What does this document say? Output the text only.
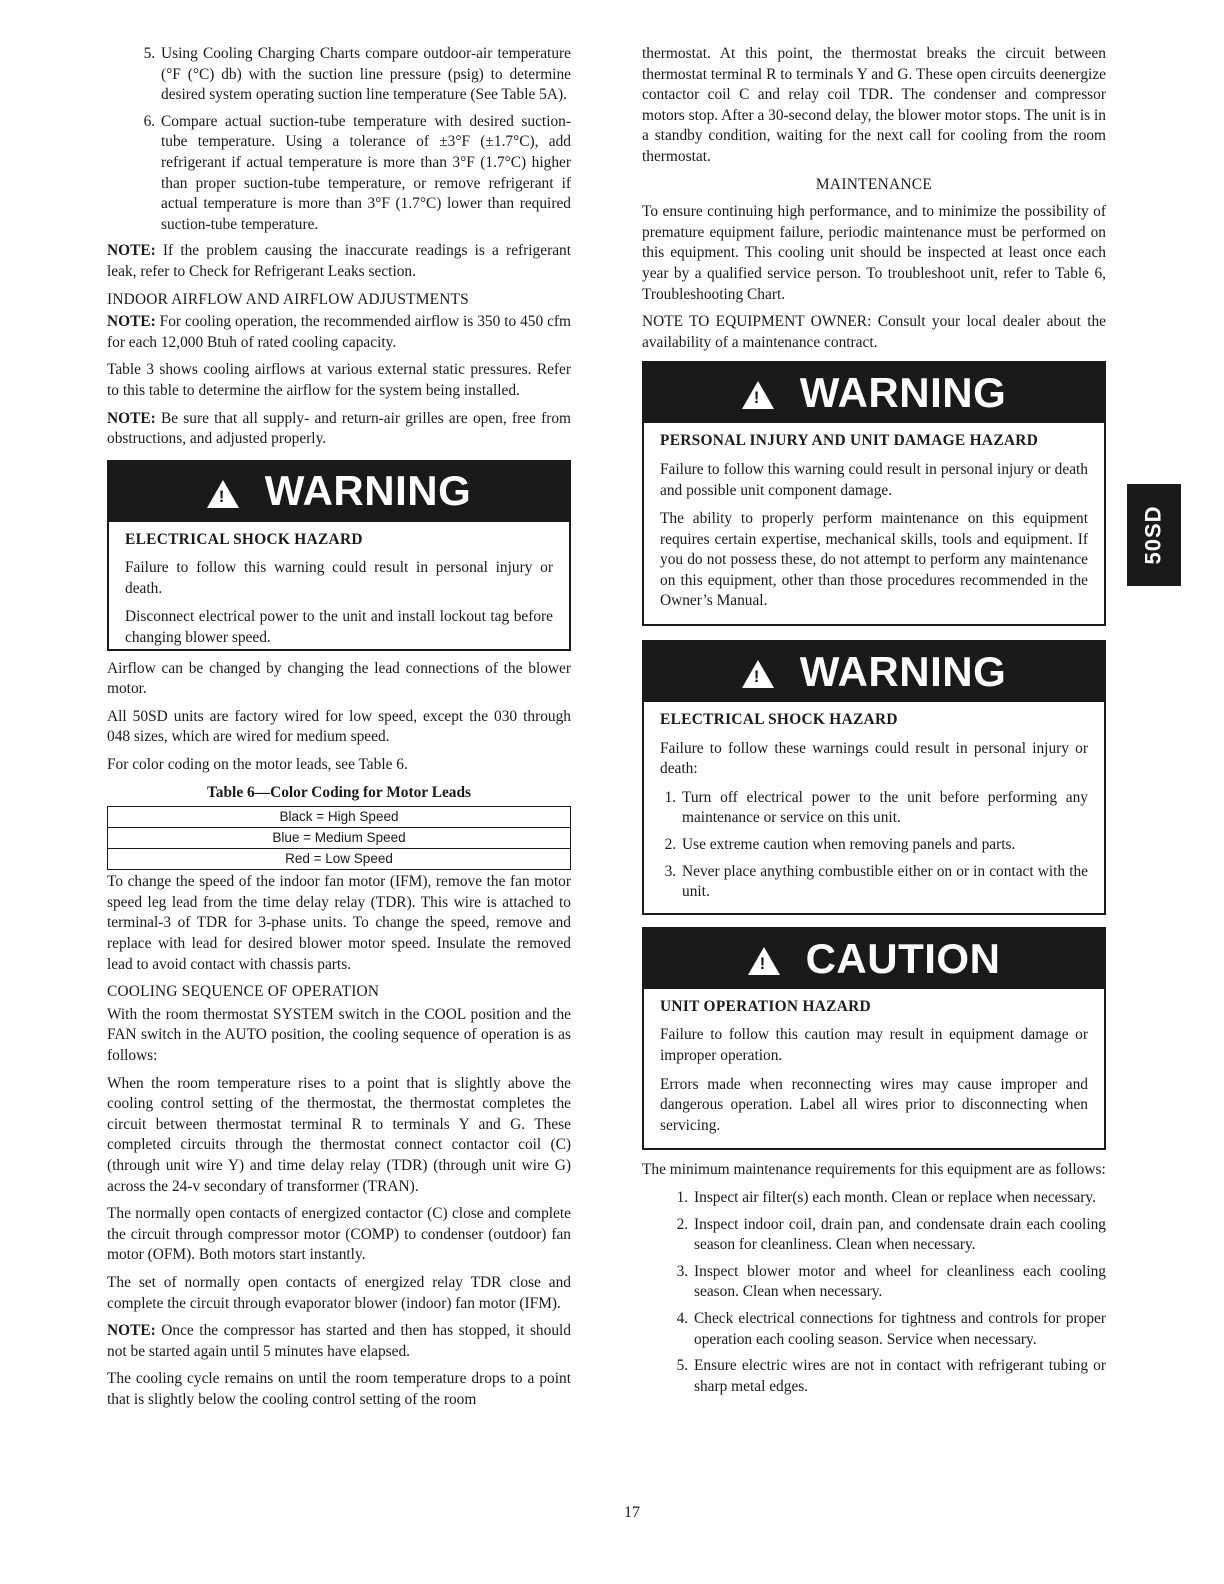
5. Using Cooling Charging Charts compare outdoor-air temperature (°F (°C) db) with the suction line pressure (psig) to determine desired system operating suction line temperature (See Table 5A).
6. Compare actual suction-tube temperature with desired suction-tube temperature. Using a tolerance of ±3°F (±1.7°C), add refrigerant if actual temperature is more than 3°F (1.7°C) higher than proper suction-tube temperature, or remove refrigerant if actual temperature is more than 3°F (1.7°C) lower than required suction-tube temperature.

NOTE: If the problem causing the inaccurate readings is a refrigerant leak, refer to Check for Refrigerant Leaks section.

INDOOR AIRFLOW AND AIRFLOW ADJUSTMENTS

NOTE: For cooling operation, the recommended airflow is 350 to 450 cfm for each 12,000 Btuh of rated cooling capacity.

Table 3 shows cooling airflows at various external static pressures. Refer to this table to determine the airflow for the system being installed.

NOTE: Be sure that all supply- and return-air grilles are open, free from obstructions, and adjusted properly.

!
WARNING

ELECTRICAL SHOCK HAZARD

Failure to follow this warning could result in personal injury or death.

Disconnect electrical power to the unit and install lockout tag before changing blower speed.

Airflow can be changed by changing the lead connections of the blower motor.

All 50SD units are factory wired for low speed, except the 030 through 048 sizes, which are wired for medium speed.

For color coding on the motor leads, see Table 6.

Table 6—Color Coding for Motor Leads
Black = High Speed
Blue = Medium Speed
Red = Low Speed

To change the speed of the indoor fan motor (IFM), remove the fan motor speed leg lead from the time delay relay (TDR). This wire is attached to terminal-3 of TDR for 3-phase units. To change the speed, remove and replace with lead for desired blower motor speed. Insulate the removed lead to avoid contact with chassis parts.

COOLING SEQUENCE OF OPERATION

With the room thermostat SYSTEM switch in the COOL position and the FAN switch in the AUTO position, the cooling sequence of operation is as follows:

When the room temperature rises to a point that is slightly above the cooling control setting of the thermostat, the thermostat completes the circuit between thermostat terminal R to terminals Y and G. These completed circuits through the thermostat connect contactor coil (C) (through unit wire Y) and time delay relay (TDR) (through unit wire G) across the 24-v secondary of transformer (TRAN).

The normally open contacts of energized contactor (C) close and complete the circuit through compressor motor (COMP) to condenser (outdoor) fan motor (OFM). Both motors start instantly.

The set of normally open contacts of energized relay TDR close and complete the circuit through evaporator blower (indoor) fan motor (IFM).

NOTE: Once the compressor has started and then has stopped, it should not be started again until 5 minutes have elapsed.

The cooling cycle remains on until the room temperature drops to a point that is slightly below the cooling control setting of the room

thermostat. At this point, the thermostat breaks the circuit between thermostat terminal R to terminals Y and G. These open circuits deenergize contactor coil C and relay coil TDR. The condenser and compressor motors stop. After a 30-second delay, the blower motor stops. The unit is in a standby condition, waiting for the next call for cooling from the room thermostat.

MAINTENANCE

To ensure continuing high performance, and to minimize the possibility of premature equipment failure, periodic maintenance must be performed on this equipment. This cooling unit should be inspected at least once each year by a qualified service person. To troubleshoot unit, refer to Table 6, Troubleshooting Chart.

NOTE TO EQUIPMENT OWNER: Consult your local dealer about the availability of a maintenance contract.

!
WARNING

PERSONAL INJURY AND UNIT DAMAGE HAZARD

Failure to follow this warning could result in personal injury or death and possible unit component damage.

The ability to properly perform maintenance on this equipment requires certain expertise, mechanical skills, tools and equipment. If you do not possess these, do not attempt to perform any maintenance on this equipment, other than those procedures recommended in the Owner’s Manual.

!
WARNING

ELECTRICAL SHOCK HAZARD

Failure to follow these warnings could result in personal injury or death:

1. Turn off electrical power to the unit before performing any maintenance or service on this unit.
2. Use extreme caution when removing panels and parts.
3. Never place anything combustible either on or in contact with the unit.
!
CAUTION

UNIT OPERATION HAZARD

Failure to follow this caution may result in equipment damage or improper operation.

Errors made when reconnecting wires may cause improper and dangerous operation. Label all wires prior to disconnecting when servicing.

The minimum maintenance requirements for this equipment are as follows:

1. Inspect air filter(s) each month. Clean or replace when necessary.
2. Inspect indoor coil, drain pan, and condensate drain each cooling season for cleanliness. Clean when necessary.
3. Inspect blower motor and wheel for cleanliness each cooling season. Clean when necessary.
4. Check electrical connections for tightness and controls for proper operation each cooling season. Service when necessary.
5. Ensure electric wires are not in contact with refrigerant tubing or sharp metal edges.
50SD
17
